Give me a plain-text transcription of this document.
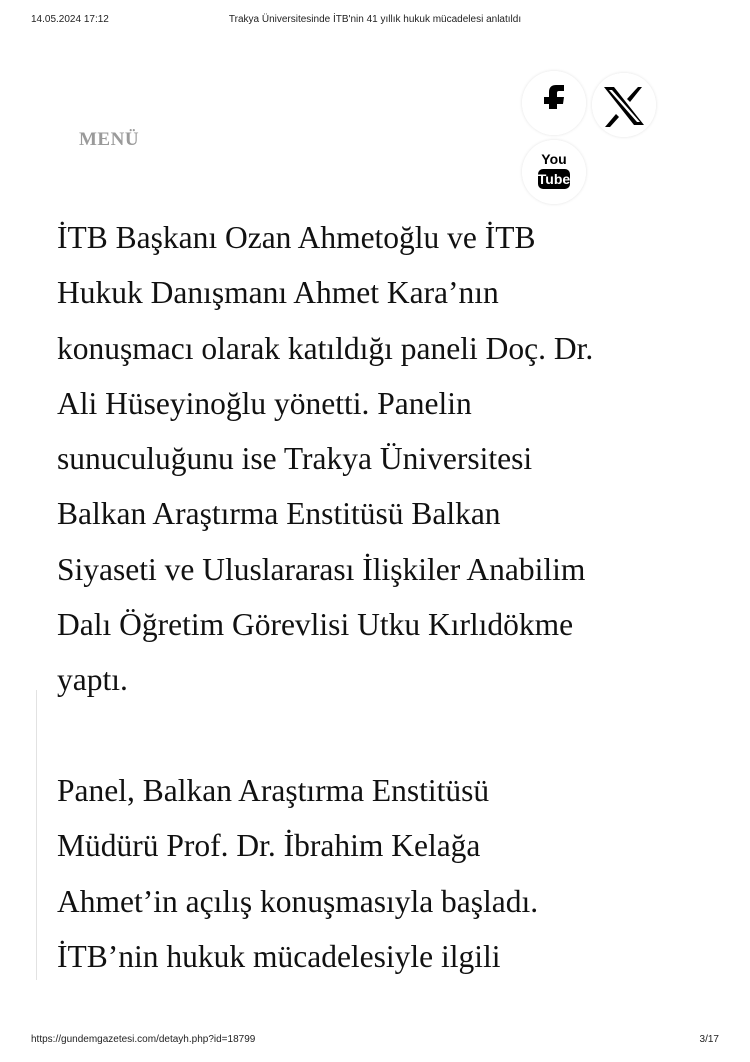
14.05.2024 17:12	Trakya Üniversitesinde İTB'nin 41 yıllık hukuk mücadelesi anlatıldı
MENÜ
You
Tube
İTB Başkanı Ozan Ahmetoğlu ve İTB
Hukuk Danışmanı Ahmet Kara’nın
konuşmacı olarak katıldığı paneli Doç. Dr.
Ali Hüseyinoğlu yönetti. Panelin
sunuculuğunu ise Trakya Üniversitesi
Balkan Araştırma Enstitüsü Balkan
Siyaseti ve Uluslararası İlişkiler Anabilim
Dalı Öğretim Görevlisi Utku Kırlıdökme
yaptı.
Panel, Balkan Araştırma Enstitüsü
Müdürü Prof. Dr. İbrahim Kelağa
Ahmet’in açılış konuşmasıyla başladı.
İTB’nin hukuk mücadelesiyle ilgili
https://gundemgazetesi.com/detayh.php?id=18799	3/17
